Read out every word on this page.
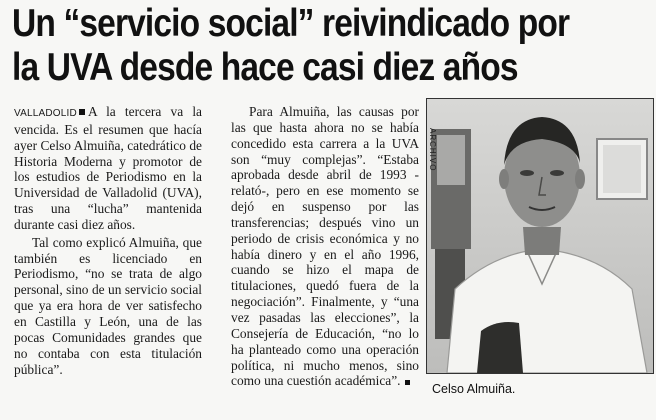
Un “servicio social” reivindicado por
la UVA desde hace casi diez años

VALLADOLID A la tercera va la vencida. Es el resumen que hacía ayer Celso Almuiña, catedrático de Historia Moderna y promotor de los estudios de Periodismo en la Universidad de Valladolid (UVA), tras una “lucha” mantenida durante casi diez años.

Tal como explicó Almuiña, que también es licenciado en Periodismo, “no se trata de algo personal, sino de un servicio social que ya era hora de ver satisfecho en Castilla y León, una de las pocas Comunidades grandes que no contaba con esta titulación pública”.

Para Almuiña, las causas por las que hasta ahora no se había concedido esta carrera a la UVA son “muy complejas”. “Estaba aprobada desde abril de 1993 -relató-, pero en ese momento se dejó en suspenso por las transferencias; después vino un periodo de crisis económica y no había dinero y en el año 1996, cuando se hizo el mapa de titulaciones, quedó fuera de la negociación”. Finalmente, y “una vez pasadas las elecciones”, la Consejería de Educación, “no lo ha planteado como una operación política, ni mucho menos, sino como una cuestión académica”.

ARCHIVO
Celso Almuiña.
